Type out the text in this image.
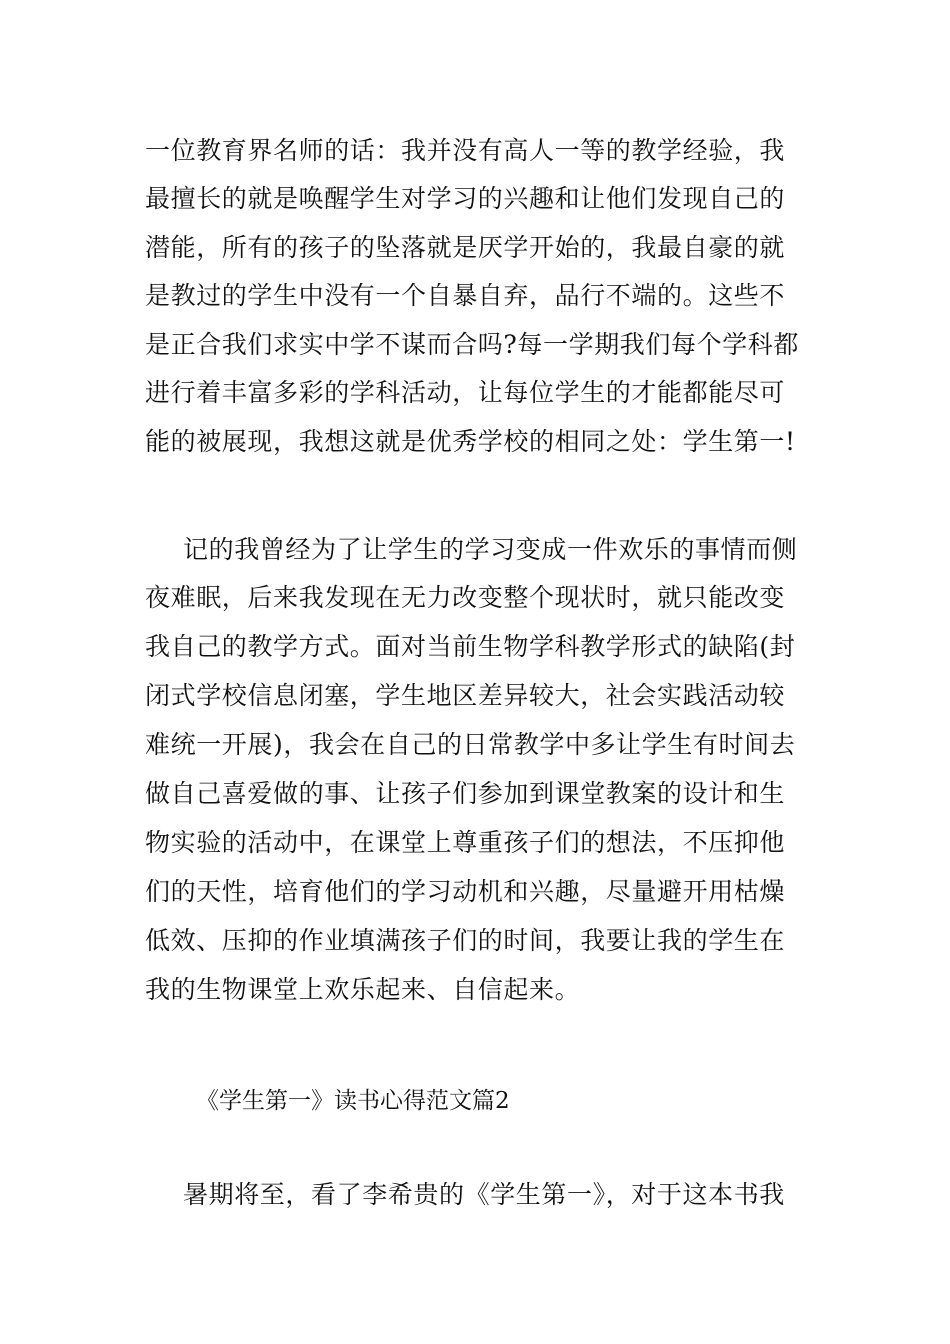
一位教育界名师的话：我并没有高人一等的教学经验，我
最擅长的就是唤醒学生对学习的兴趣和让他们发现自己的
潜能，所有的孩子的坠落就是厌学开始的，我最自豪的就
是教过的学生中没有一个自暴自弃，品行不端的。这些不
是正合我们求实中学不谋而合吗?每一学期我们每个学科都
进行着丰富多彩的学科活动，让每位学生的才能都能尽可
能的被展现，我想这就是优秀学校的相同之处：学生第一!
记的我曾经为了让学生的学习变成一件欢乐的事情而侧
夜难眠，后来我发现在无力改变整个现状时，就只能改变
我自己的教学方式。面对当前生物学科教学形式的缺陷(封
闭式学校信息闭塞，学生地区差异较大，社会实践活动较
难统一开展)，我会在自己的日常教学中多让学生有时间去
做自己喜爱做的事、让孩子们参加到课堂教案的设计和生
物实验的活动中，在课堂上尊重孩子们的想法，不压抑他
们的天性，培育他们的学习动机和兴趣，尽量避开用枯燥
低效、压抑的作业填满孩子们的时间，我要让我的学生在
我的生物课堂上欢乐起来、自信起来。
《学生第一》读书心得范文篇2
暑期将至，看了李希贵的《学生第一》，对于这本书我
